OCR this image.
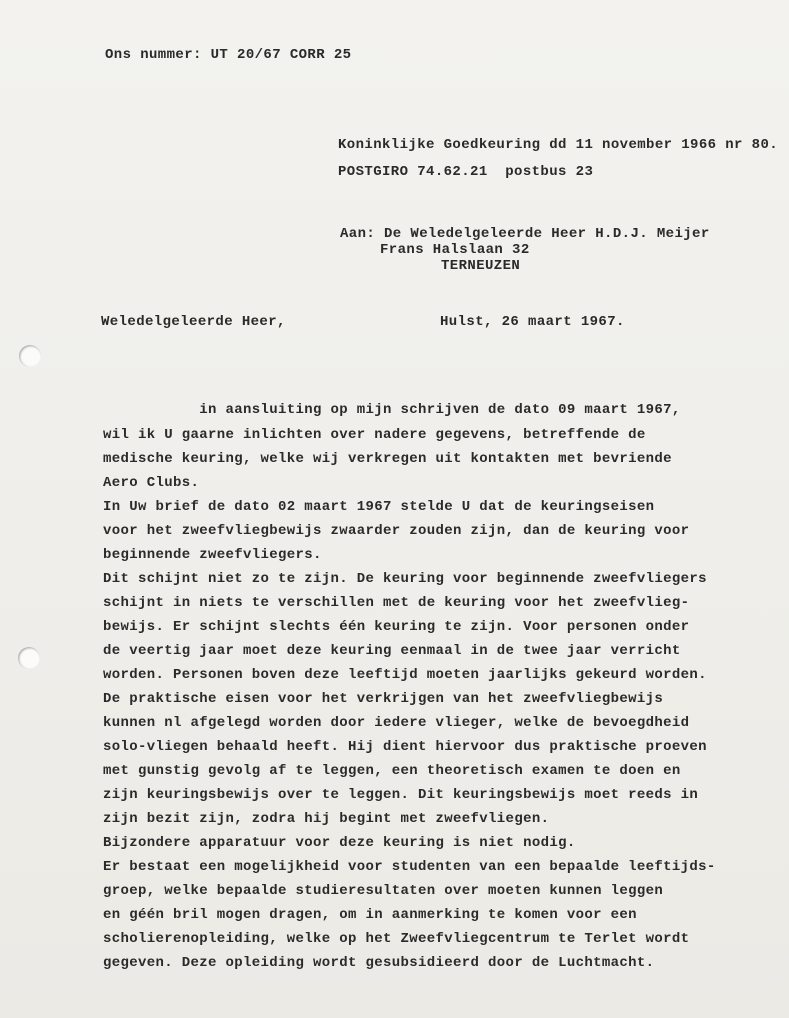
Ons nummer: UT 20/67 CORR 25
Koninklijke Goedkeuring dd 11 november 1966 nr 80.
POSTGIRO 74.62.21  postbus 23
Aan: De Weledelgeleerde Heer H.D.J. Meijer
Frans Halslaan 32
TERNEUZEN
Weledelgeleerde Heer,	Hulst, 26 maart 1967.
in aansluiting op mijn schrijven de dato 09 maart 1967,
wil ik U gaarne inlichten over nadere gegevens, betreffende de
medische keuring, welke wij verkregen uit kontakten met bevriende
Aero Clubs.
In Uw brief de dato 02 maart 1967 stelde U dat de keuringseisen
voor het zweefvliegbewijs zwaarder zouden zijn, dan de keuring voor
beginnende zweefvliegers.
Dit schijnt niet zo te zijn. De keuring voor beginnende zweefvliegers
schijnt in niets te verschillen met de keuring voor het zweefvlieg-
bewijs. Er schijnt slechts één keuring te zijn. Voor personen onder
de veertig jaar moet deze keuring eenmaal in de twee jaar verricht
worden. Personen boven deze leeftijd moeten jaarlijks gekeurd worden.
De praktische eisen voor het verkrijgen van het zweefvliegbewijs
kunnen nl afgelegd worden door iedere vlieger, welke de bevoegdheid
solo-vliegen behaald heeft. Hij dient hiervoor dus praktische proeven
met gunstig gevolg af te leggen, een theoretisch examen te doen en
zijn keuringsbewijs over te leggen. Dit keuringsbewijs moet reeds in
zijn bezit zijn, zodra hij begint met zweefvliegen.
Bijzondere apparatuur voor deze keuring is niet nodig.
Er bestaat een mogelijkheid voor studenten van een bepaalde leeftijds-
groep, welke bepaalde studieresultaten over moeten kunnen leggen
en géén bril mogen dragen, om in aanmerking te komen voor een
scholierenopleiding, welke op het Zweefvliegcentrum te Terlet wordt
gegeven. Deze opleiding wordt gesubsidieerd door de Luchtmacht.
